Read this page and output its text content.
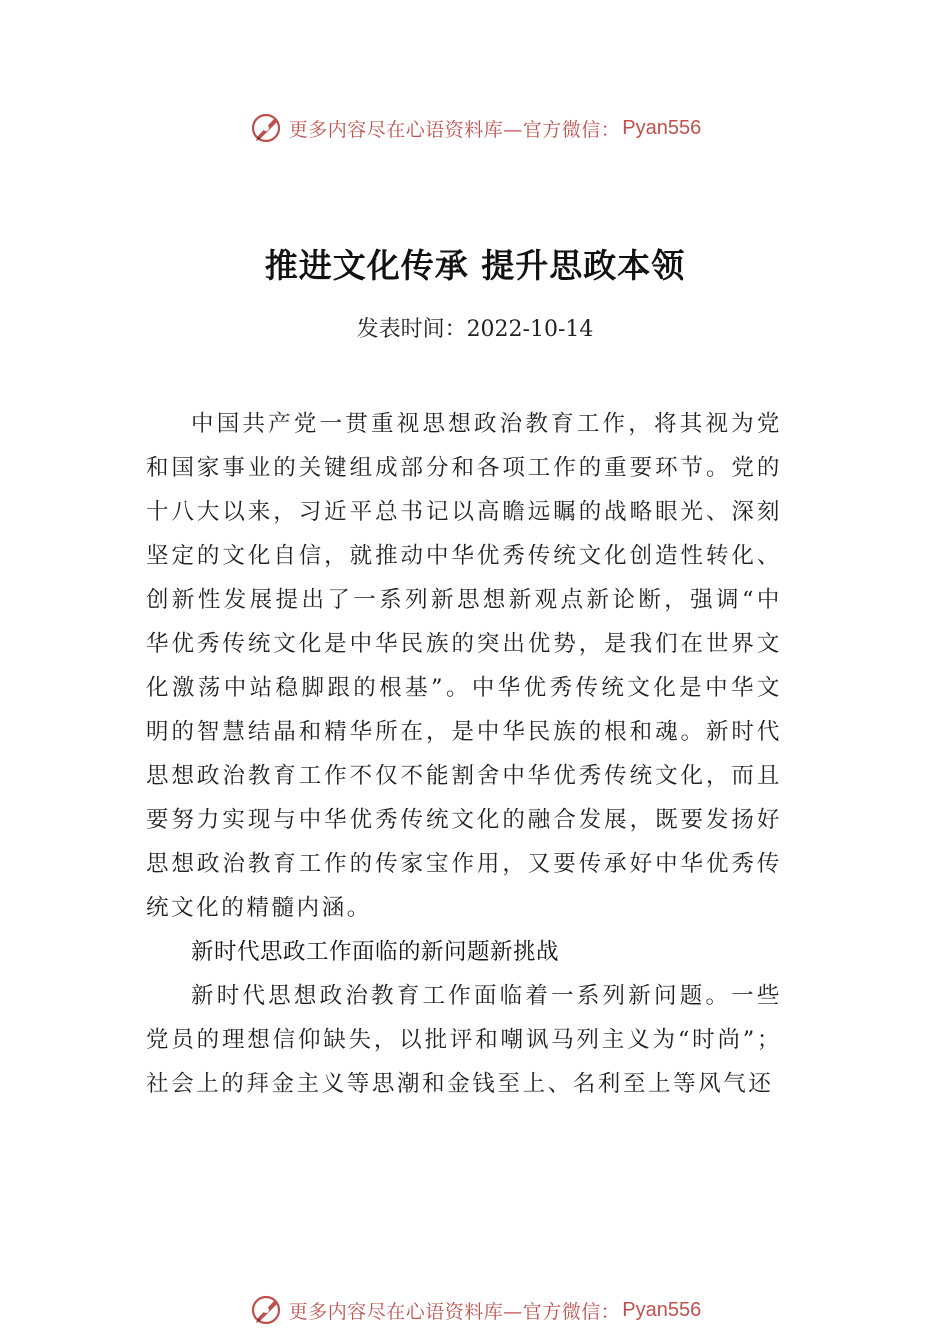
更多内容尽在心语资料库—官方微信： Pyan556
推进文化传承 提升思政本领
发表时间：2022-10-14

中国共产党一贯重视思想政治教育工作，将其视为党和国家事业的关键组成部分和各项工作的重要环节。党的十八大以来，习近平总书记以高瞻远瞩的战略眼光、深刻坚定的文化自信，就推动中华优秀传统文化创造性转化、创新性发展提出了一系列新思想新观点新论断，强调“中华优秀传统文化是中华民族的突出优势，是我们在世界文化激荡中站稳脚跟的根基”。中华优秀传统文化是中华文明的智慧结晶和精华所在，是中华民族的根和魂。新时代思想政治教育工作不仅不能割舍中华优秀传统文化，而且要努力实现与中华优秀传统文化的融合发展，既要发扬好思想政治教育工作的传家宝作用，又要传承好中华优秀传统文化的精髓内涵。

新时代思政工作面临的新问题新挑战

新时代思想政治教育工作面临着一系列新问题。一些党员的理想信仰缺失，以批评和嘲讽马列主义为“时尚”；社会上的拜金主义等思潮和金钱至上、名利至上等风气还

更多内容尽在心语资料库—官方微信： Pyan556
